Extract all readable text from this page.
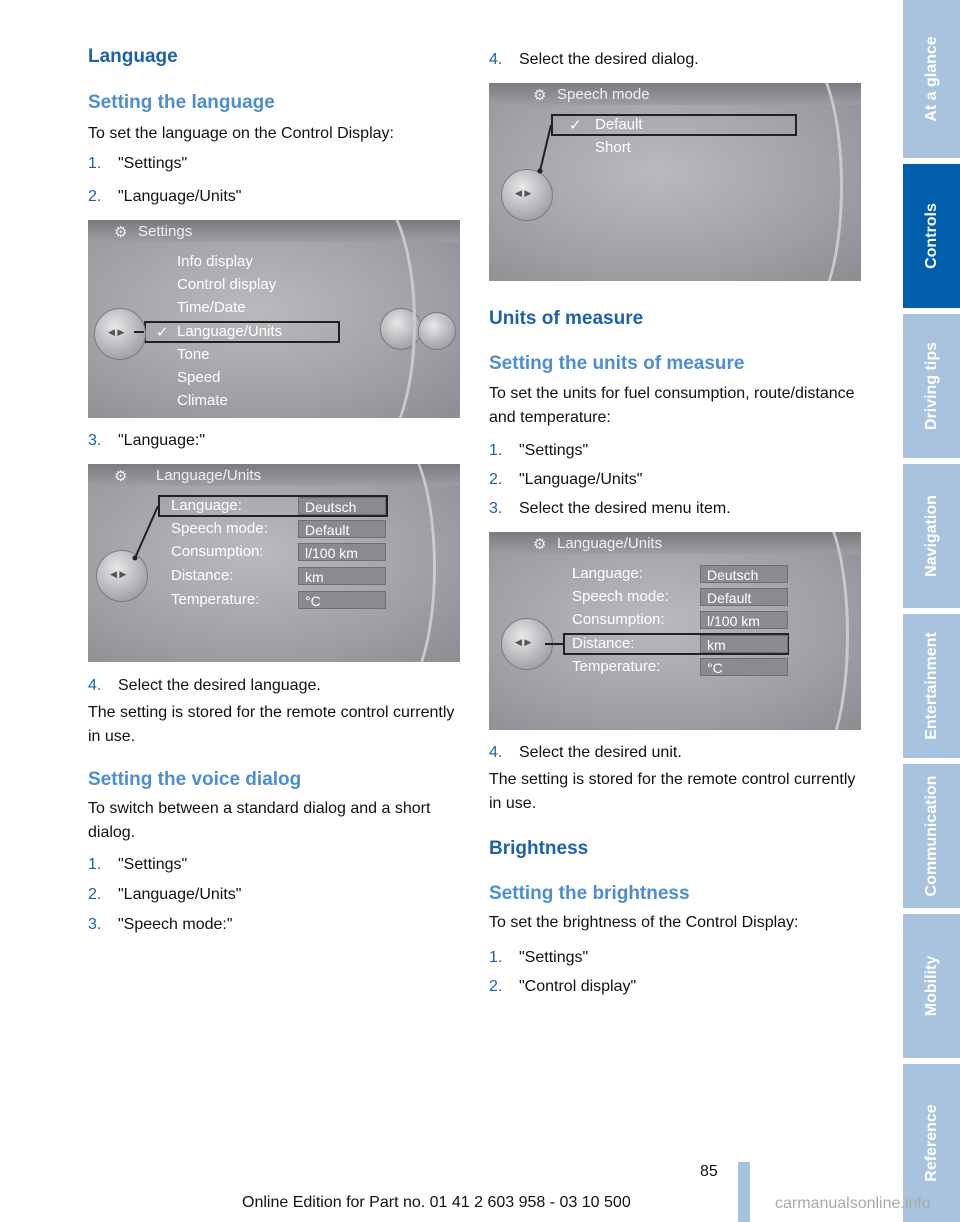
Language
Setting the language

To set the language on the Control Display:

1. "Settings"
2. "Language/Units"
⚙ Settings
Info display
Control display
Time/Date
✓ Language/Units
Tone
Speed
Climate
◀ ▶
3. "Language:"
⚙ Language/Units
Language:	Deutsch
Speech mode:	Default
Consumption:	l/100 km
Distance:	km
Temperature:	°C
◀ ▶
4. Select the desired language.

The setting is stored for the remote control currently in use.

Setting the voice dialog

To switch between a standard dialog and a short dialog.

1. "Settings"
2. "Language/Units"
3. "Speech mode:"
4. Select the desired dialog.
⚙ Speech mode
✓ Default
Short
◀ ▶
Units of measure
Setting the units of measure

To set the units for fuel consumption, route/distance and temperature:

1. "Settings"
2. "Language/Units"
3. Select the desired menu item.
⚙ Language/Units
Language:	Deutsch
Speech mode:	Default
Consumption:	l/100 km
Distance:	km
Temperature:	°C
◀ ▶
4. Select the desired unit.

The setting is stored for the remote control currently in use.

Brightness
Setting the brightness

To set the brightness of the Control Display:

1. "Settings"
2. "Control display"
At a glance
Controls
Driving tips
Navigation
Entertainment
Communication
Mobility
Reference
85
Online Edition for Part no. 01 41 2 603 958 - 03 10 500	carmanualsonline.info
